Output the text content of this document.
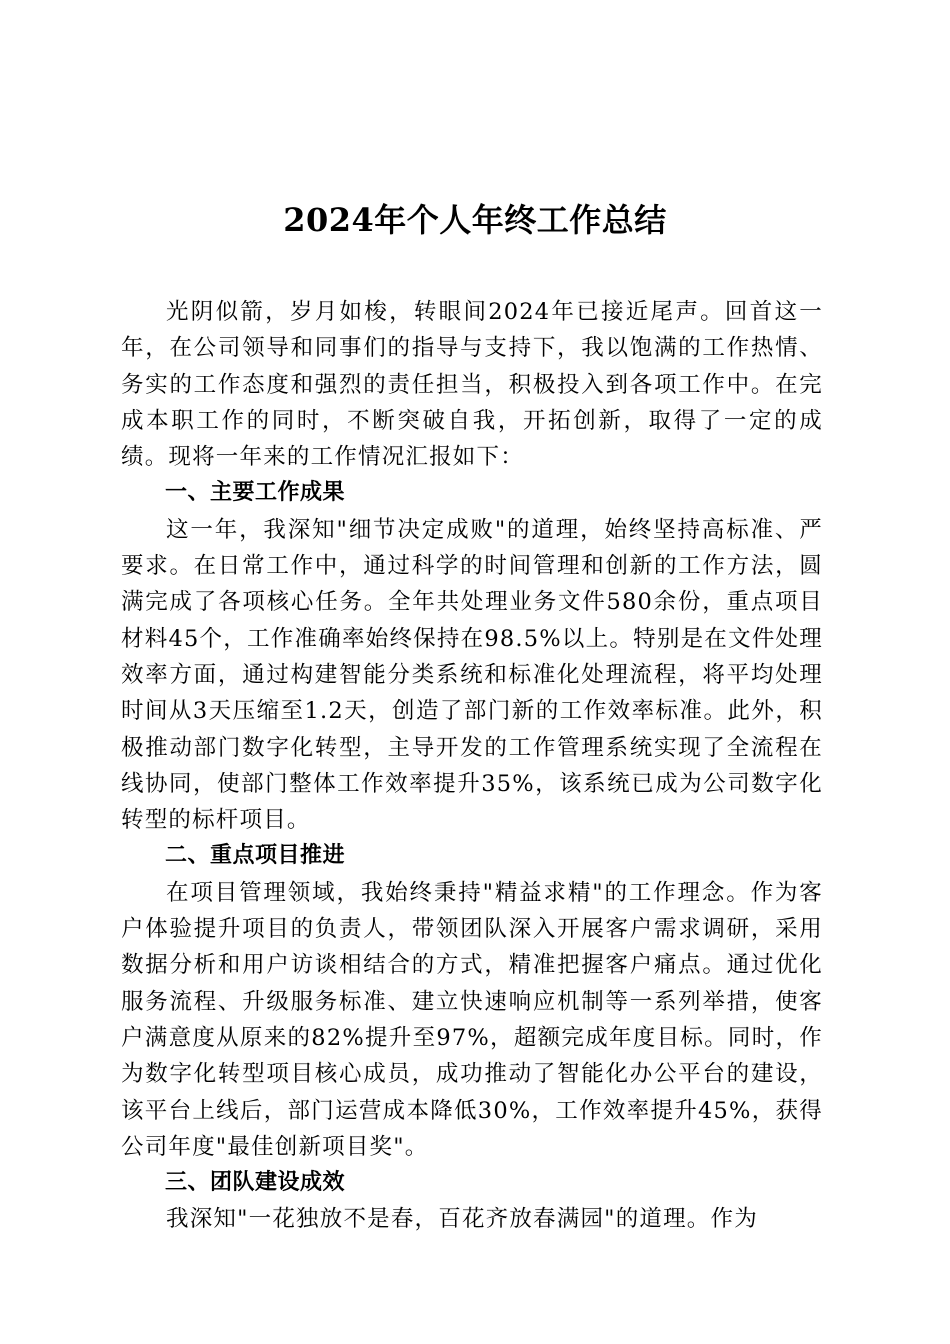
2024年个人年终工作总结

光阴似箭，岁月如梭，转眼间2024年已接近尾声。回首这一年，在公司领导和同事们的指导与支持下，我以饱满的工作热情、务实的工作态度和强烈的责任担当，积极投入到各项工作中。在完成本职工作的同时，不断突破自我，开拓创新，取得了一定的成绩。现将一年来的工作情况汇报如下：

一、主要工作成果

这一年，我深知"细节决定成败"的道理，始终坚持高标准、严要求。在日常工作中，通过科学的时间管理和创新的工作方法，圆满完成了各项核心任务。全年共处理业务文件580余份，重点项目材料45个，工作准确率始终保持在98.5%以上。特别是在文件处理效率方面，通过构建智能分类系统和标准化处理流程，将平均处理时间从3天压缩至1.2天，创造了部门新的工作效率标准。此外，积极推动部门数字化转型，主导开发的工作管理系统实现了全流程在线协同，使部门整体工作效率提升35%，该系统已成为公司数字化转型的标杆项目。

二、重点项目推进

在项目管理领域，我始终秉持"精益求精"的工作理念。作为客户体验提升项目的负责人，带领团队深入开展客户需求调研，采用数据分析和用户访谈相结合的方式，精准把握客户痛点。通过优化服务流程、升级服务标准、建立快速响应机制等一系列举措，使客户满意度从原来的82%提升至97%，超额完成年度目标。同时，作为数字化转型项目核心成员，成功推动了智能化办公平台的建设，该平台上线后，部门运营成本降低30%，工作效率提升45%，获得公司年度"最佳创新项目奖"。

三、团队建设成效

我深知"一花独放不是春，百花齐放春满园"的道理。作为
